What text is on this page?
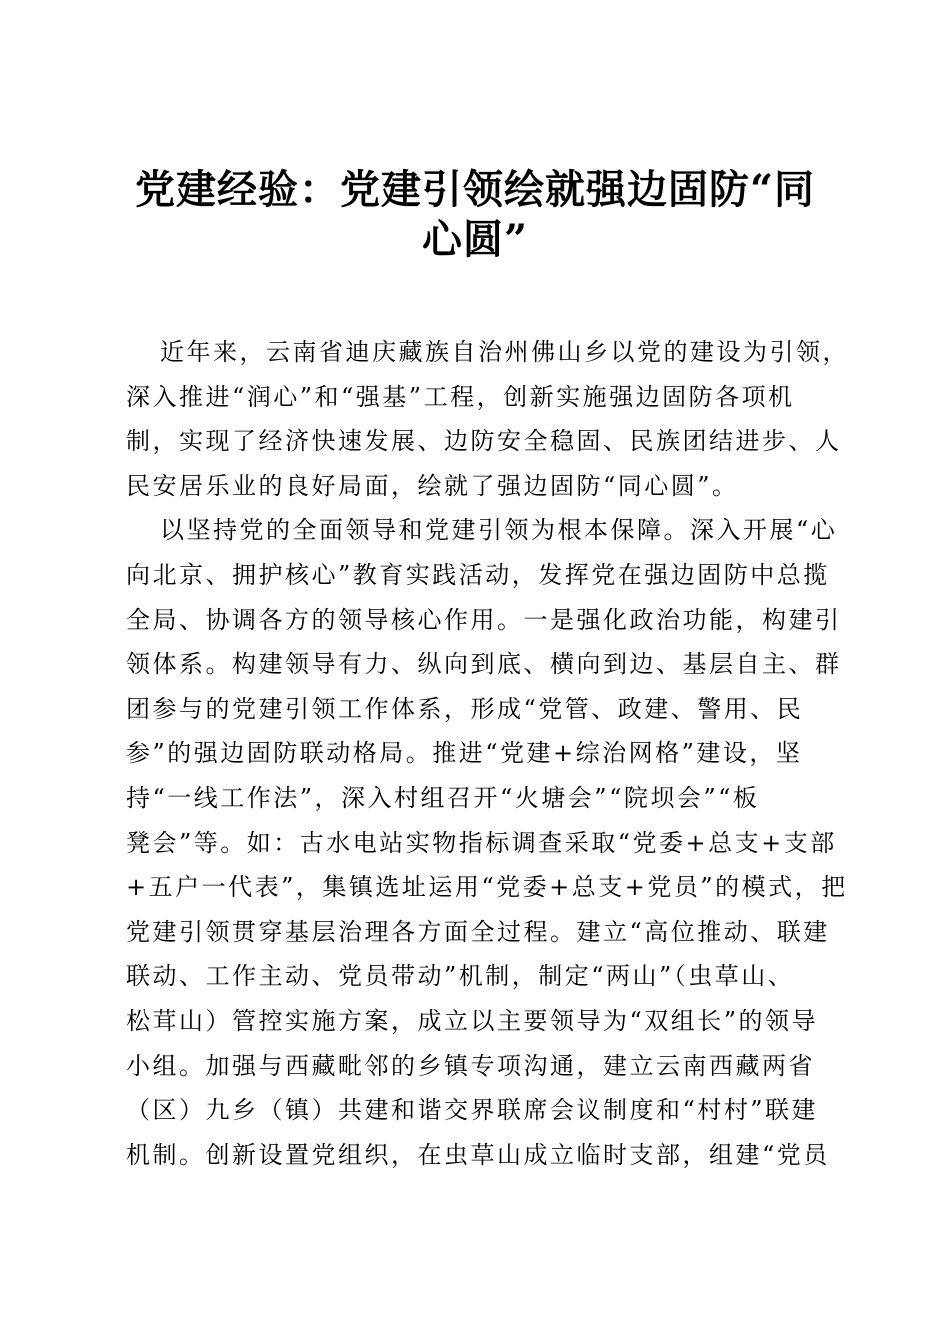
党建经验：党建引领绘就强边固防“同
心圆”
近年来，云南省迪庆藏族自治州佛山乡以党的建设为引领，
深入推进“润心”和“强基”工程，创新实施强边固防各项机
制，实现了经济快速发展、边防安全稳固、民族团结进步、人
民安居乐业的良好局面，绘就了强边固防“同心圆”。
以坚持党的全面领导和党建引领为根本保障。深入开展“心
向北京、拥护核心”教育实践活动，发挥党在强边固防中总揽
全局、协调各方的领导核心作用。一是强化政治功能，构建引
领体系。构建领导有力、纵向到底、横向到边、基层自主、群
团参与的党建引领工作体系，形成“党管、政建、警用、民
参”的强边固防联动格局。推进“党建+综治网格”建设，坚
持“一线工作法”，深入村组召开“火塘会”“院坝会”“板
凳会”等。如：古水电站实物指标调查采取“党委+总支+支部
+五户一代表”，集镇选址运用“党委+总支+党员”的模式，把
党建引领贯穿基层治理各方面全过程。建立“高位推动、联建
联动、工作主动、党员带动”机制，制定“两山”（虫草山、
松茸山）管控实施方案，成立以主要领导为“双组长”的领导
小组。加强与西藏毗邻的乡镇专项沟通，建立云南西藏两省
（区）九乡（镇）共建和谐交界联席会议制度和“村村”联建
机制。创新设置党组织，在虫草山成立临时支部，组建“党员
